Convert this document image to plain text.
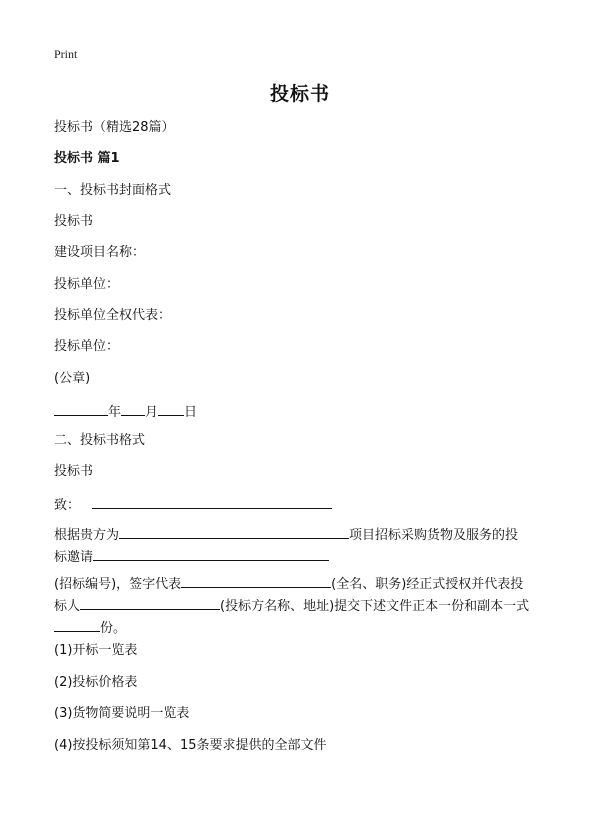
Print
投标书
投标书（精选28篇）
投标书 篇1
一、投标书封面格式
投标书
建设项目名称：
投标单位：
投标单位全权代表：
投标单位：
(公章)
年 月 日
二、投标书格式
投标书
致：
根据贵方为	项目招标采购货物及服务的投
标邀请
(招标编号)，签字代表	(全名、职务)经正式授权并代表投
标人	(投标方名称、地址)提交下述文件正本一份和副本一式
份。
(1)开标一览表
(2)投标价格表
(3)货物简要说明一览表
(4)按投标须知第14、15条要求提供的全部文件
